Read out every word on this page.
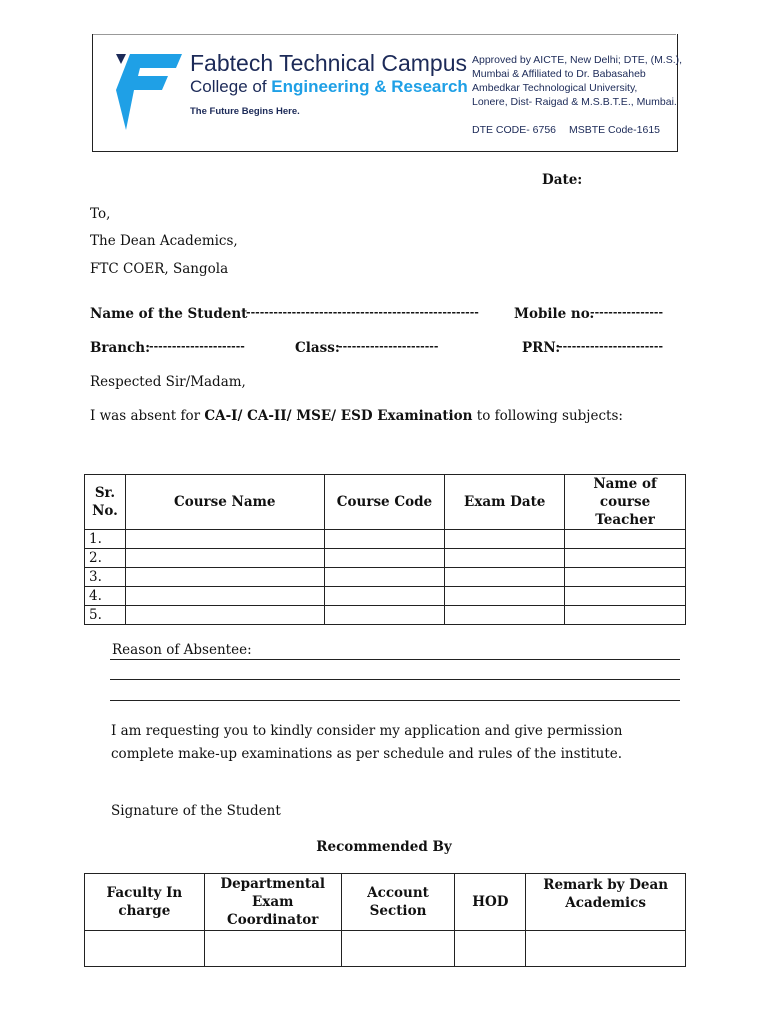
Fabtech Technical Campus
College of Engineering & Research
The Future Begins Here.
Approved by AICTE, New Delhi; DTE, (M.S.),
Mumbai & Affiliated to Dr. Babasaheb
Ambedkar Technological University,
Lonere, Dist- Raigad & M.S.B.T.E., Mumbai.
DTE CODE- 6756 MSBTE Code-1615
Date:
To,
The Dean Academics,
FTC COER, Sangola
Name of the Student
---------------------------------------------------	Mobile no.
----------------
Branch:
---------------------	Class:
----------------------	PRN:
-----------------------
Respected Sir/Madam,
I was absent for CA-I/ CA-II/ MSE/ ESD Examination to following subjects:
Sr. No.	Course Name	Course Code	Exam Date	Name of course Teacher
1.				
2.				
3.				
4.				
5.				
Reason of Absentee:
I am requesting you to kindly consider my application and give permission complete make-up examinations as per schedule and rules of the institute.
Signature of the Student
Recommended By
Faculty In charge	Departmental Exam Coordinator	Account Section	HOD	Remark by Dean Academics
